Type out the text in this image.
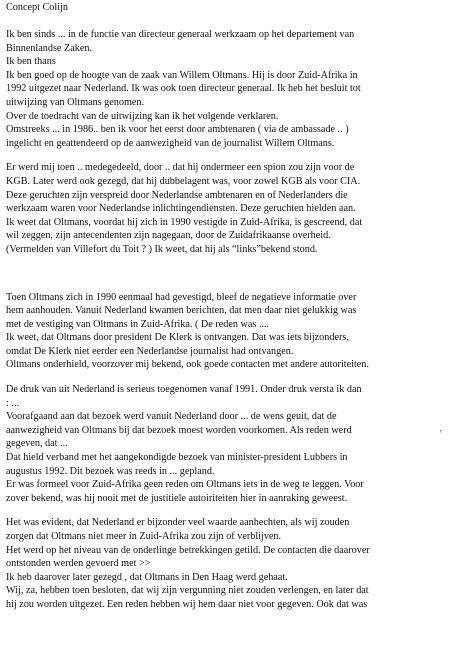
Concept Colijn
Ik ben sinds ... in de functie van directeur generaal werkzaam op het departement van
Binnenlandse Zaken.
Ik ben thans
Ik ben goed op de hoogte van de zaak van Willem Oltmans. Hij is door Zuid-Afrika in
1992 uitgezet naar Nederland. Ik was ook toen directeur generaal. Ik heb het besluit tot
uitwijzing van Oltmans genomen.
Over de toedracht van de uitwijzing kan ik het volgende verklaren.
Omstreeks ... in 1986.. ben ik voor het eerst door ambtenaren ( via de ambassade .. )
ingelicht en geattendeerd op de aanwezigheid van de journalist Willem Oltmans.
Er werd mij toen .. medegedeeld, door .. dat hij ondermeer een spion zou zijn voor de
KGB. Later werd ook gezegd, dat hij dubbelagent was, voor zowel KGB als voor CIA.
Deze geruchten zijn verspreid door Nederlandse ambtenaren en of Nederlanders die
werkzaam waren voor Nederlandse inlichtingendiensten. Deze geruchten hielden aan.
Ik weet dat Oltmans, voordat hij zich in 1990 vestigde in Zuid-Afrika, is gescreend, dat
wil zeggen, zijn antecendenten zijn nagegaan, door de Zuidafrikaanse overheid.
(Vermelden van Villefort du Toit ? ) Ik weet, dat hij als “links”bekend stond.
Toen Oltmans zich in 1990 eenmaal had gevestigd, bleef de negatieve informatie over
hem aanhouden. Vanuit Nederland kwamen berichten, dat men daar niet gelukkig was
met de vestiging van Oltmans in Zuid-Afrika. ( De reden was ....
Ik weet, dat Oltmans door president De Klerk is ontvangen. Dat was iets bijzonders,
omdat De Klerk niet eerder een Nederlandse journalist had ontvangen.
Oltmans onderhield, voorzover mij bekend, ook goede contacten met andere autoriteiten.
De druk van uit Nederland is serieus toegenomen vanaf 1991. Onder druk versta ik dan
: ...
Voorafgaand aan dat bezoek werd vanuit Nederland door ... de wens geuit, dat de
aanwezigheid van Oltmans bij dat bezoek moest worden voorkomen. Als reden werd
gegeven, dat ...
Dat hield verband met het aangekondigde bezoek van minister-president Lubbers in
augustus 1992. Dit bezoek was reeds in ... gepland.
Er was formeel voor Zuid-Afrika geen reden om Oltmans iets in de weg te leggen. Voor
zover bekend, was hij nooit met de justitiele autoiriteiten hier in aanraking geweest.
Het was evident, dat Nederland er bijzonder veel waarde aanhechten, als wij zouden
zorgen dat Oltmans niet meer in Zuid-Afrika zou zijn of verblijven.
Het werd op het niveau van de onderlinge betrekkingen getild. De contacten die daarover
ontstonden werden gevoerd met >>
Ik heb daarover later gezegd , dat Oltmans in Den Haag werd gehaat.
Wij, za, hebben toen besloten, dat wij zijn vergunning niet zouden verlengen, en later dat
hij zou worden uitgezet. Een reden hebben wij hem daar niet voor gegeven. Ook dat was
,
